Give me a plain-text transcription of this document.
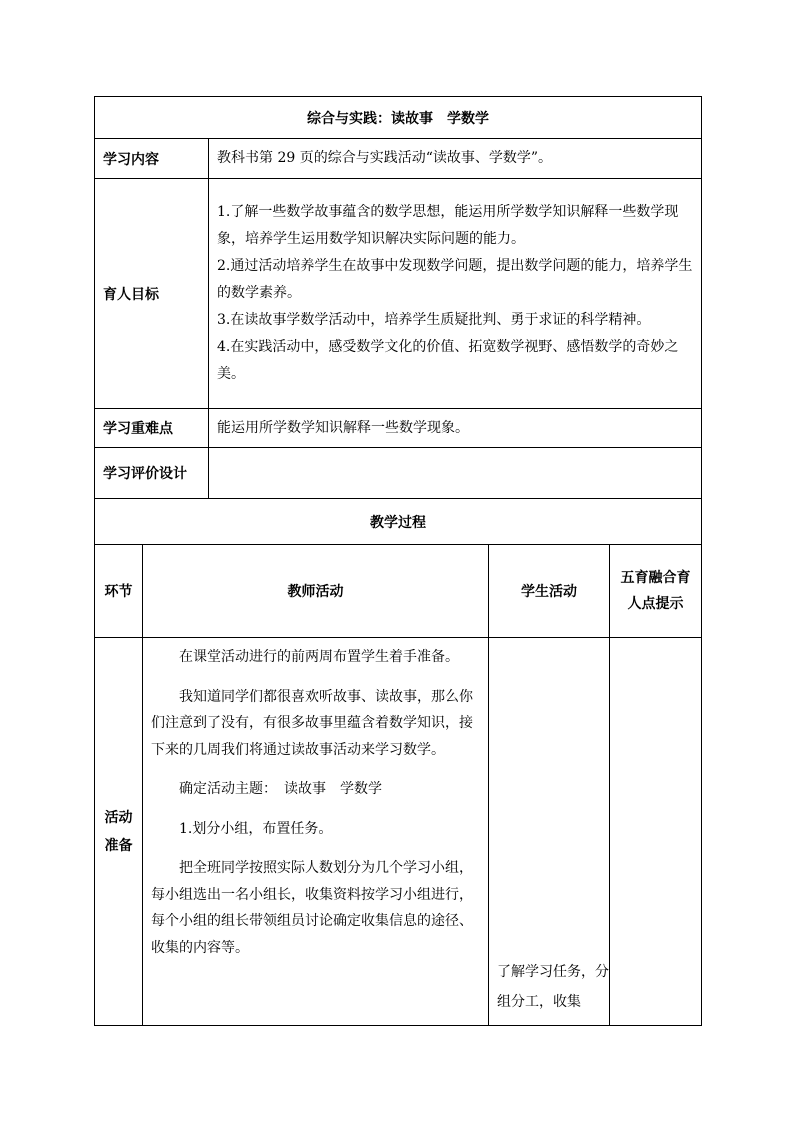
综合与实践：读故事　学数学				
学习内容		教科书第 29 页的综合与实践活动“读故事、学数学”。		
育人目标		1.了解一些数学故事蕴含的数学思想，能运用所学数学知识解释一些数学现象，培养学生运用数学知识解决实际问题的能力。

2.通过活动培养学生在故事中发现数学问题，提出数学问题的能力，培养学生的数学素养。

3.在读故事学数学活动中，培养学生质疑批判、勇于求证的科学精神。

4.在实践活动中，感受数学文化的价值、拓宽数学视野、感悟数学的奇妙之美。		

学习重难点		能运用所学数学知识解释一些数学现象。		
学习评价设计				
教学过程				
环节	教师活动		学生活动	五育融合育人点提示
活动准备	在课堂活动进行的前两周布置学生着手准备。

我知道同学们都很喜欢听故事、读故事，那么你们注意到了没有，有很多故事里蕴含着数学知识，接下来的几周我们将通过读故事活动来学习数学。

确定活动主题：　读故事　学数学

1.划分小组，布置任务。

把全班同学按照实际人数划分为几个学习小组，每小组选出一名小组长，收集资料按学习小组进行，每个小组的组长带领组员讨论确定收集信息的途径、收集的内容等。		了解学习任务，分组分工，收集	
